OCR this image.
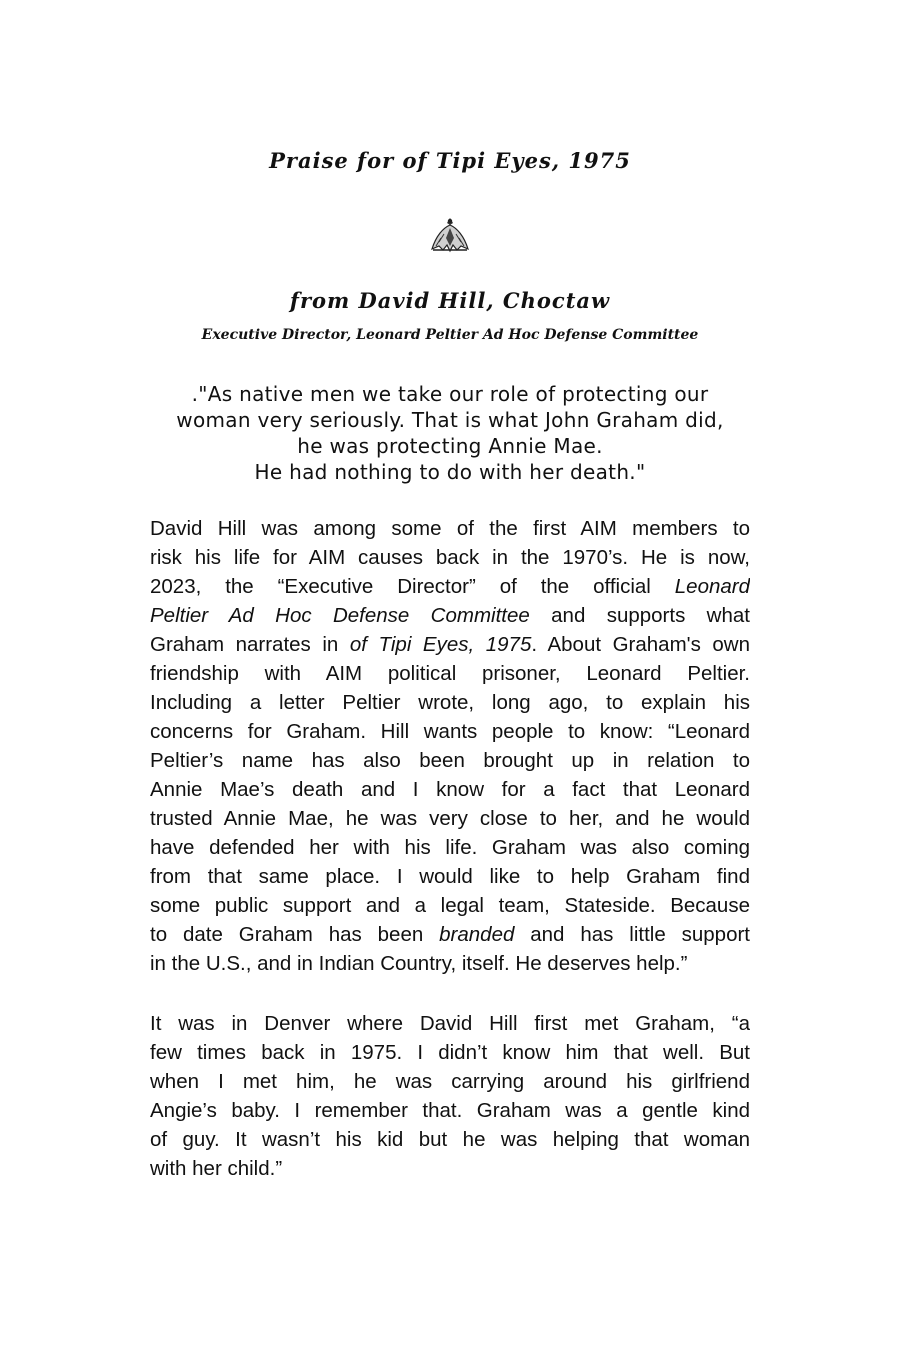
Praise for of Tipi Eyes, 1975
from David Hill, Choctaw

Executive Director, Leonard Peltier Ad Hoc Defense Committee

."As native men we take our role of protecting our
woman very seriously. That is what John Graham did,
he was protecting Annie Mae.
He had nothing to do with her death."
David Hill was among some of the first AIM members to
risk his life for AIM causes back in the 1970’s. He is now,
2023, the “Executive Director” of the official Leonard
Peltier Ad Hoc Defense Committee and supports what
Graham narrates in of Tipi Eyes, 1975. About Graham's own
friendship with AIM political prisoner, Leonard Peltier.
Including a letter Peltier wrote, long ago, to explain his
concerns for Graham. Hill wants people to know: “Leonard
Peltier’s name has also been brought up in relation to
Annie Mae’s death and I know for a fact that Leonard
trusted Annie Mae, he was very close to her, and he would
have defended her with his life. Graham was also coming
from that same place. I would like to help Graham find
some public support and a legal team, Stateside. Because
to date Graham has been branded and has little support
in the U.S., and in Indian Country, itself. He deserves help.”
It was in Denver where David Hill first met Graham, “a
few times back in 1975. I didn’t know him that well. But
when I met him, he was carrying around his girlfriend
Angie’s baby. I remember that. Graham was a gentle kind
of guy. It wasn’t his kid but he was helping that woman
with her child.”
